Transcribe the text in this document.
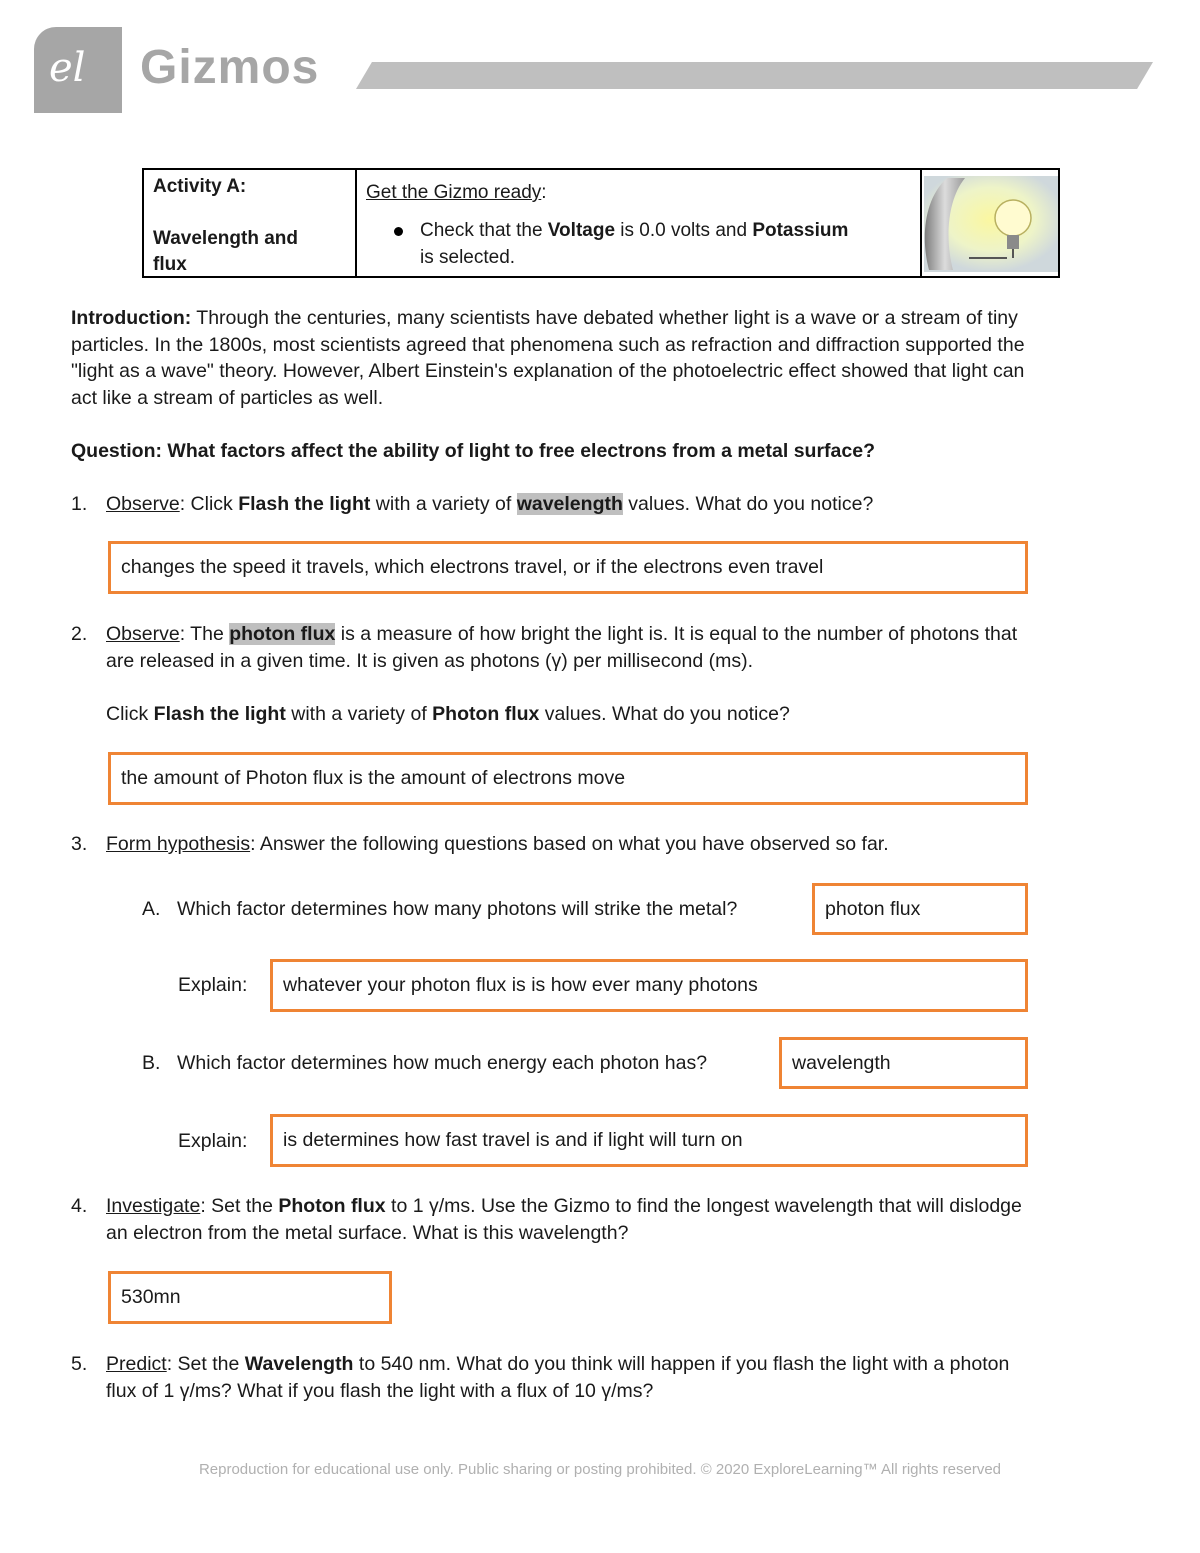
el Gizmos
Activity A:
Wavelength and
flux
Get the Gizmo ready:
Check that the Voltage is 0.0 volts and Potassium
is selected.
Introduction: Through the centuries, many scientists have debated whether light is a wave or a stream of tiny
particles. In the 1800s, most scientists agreed that phenomena such as refraction and diffraction supported the
"light as a wave" theory. However, Albert Einstein's explanation of the photoelectric effect showed that light can
act like a stream of particles as well.
Question: What factors affect the ability of light to free electrons from a metal surface?
1. Observe: Click Flash the light with a variety of wavelength values. What do you notice?
changes the speed it travels, which electrons travel, or if the electrons even travel
2. Observe: The photon flux is a measure of how bright the light is. It is equal to the number of photons that
are released in a given time. It is given as photons (γ) per millisecond (ms).
Click Flash the light with a variety of Photon flux values. What do you notice?
the amount of Photon flux is the amount of electrons move
3. Form hypothesis: Answer the following questions based on what you have observed so far.
A. Which factor determines how many photons will strike the metal?	photon flux
Explain:	whatever your photon flux is is how ever many photons
B. Which factor determines how much energy each photon has?	wavelength
Explain:	is determines how fast travel is and if light will turn on
4. Investigate: Set the Photon flux to 1 γ/ms. Use the Gizmo to find the longest wavelength that will dislodge
an electron from the metal surface. What is this wavelength?
530mn
5. Predict: Set the Wavelength to 540 nm. What do you think will happen if you flash the light with a photon
flux of 1 γ/ms? What if you flash the light with a flux of 10 γ/ms?
Reproduction for educational use only. Public sharing or posting prohibited. © 2020 ExploreLearning™ All rights reserved
